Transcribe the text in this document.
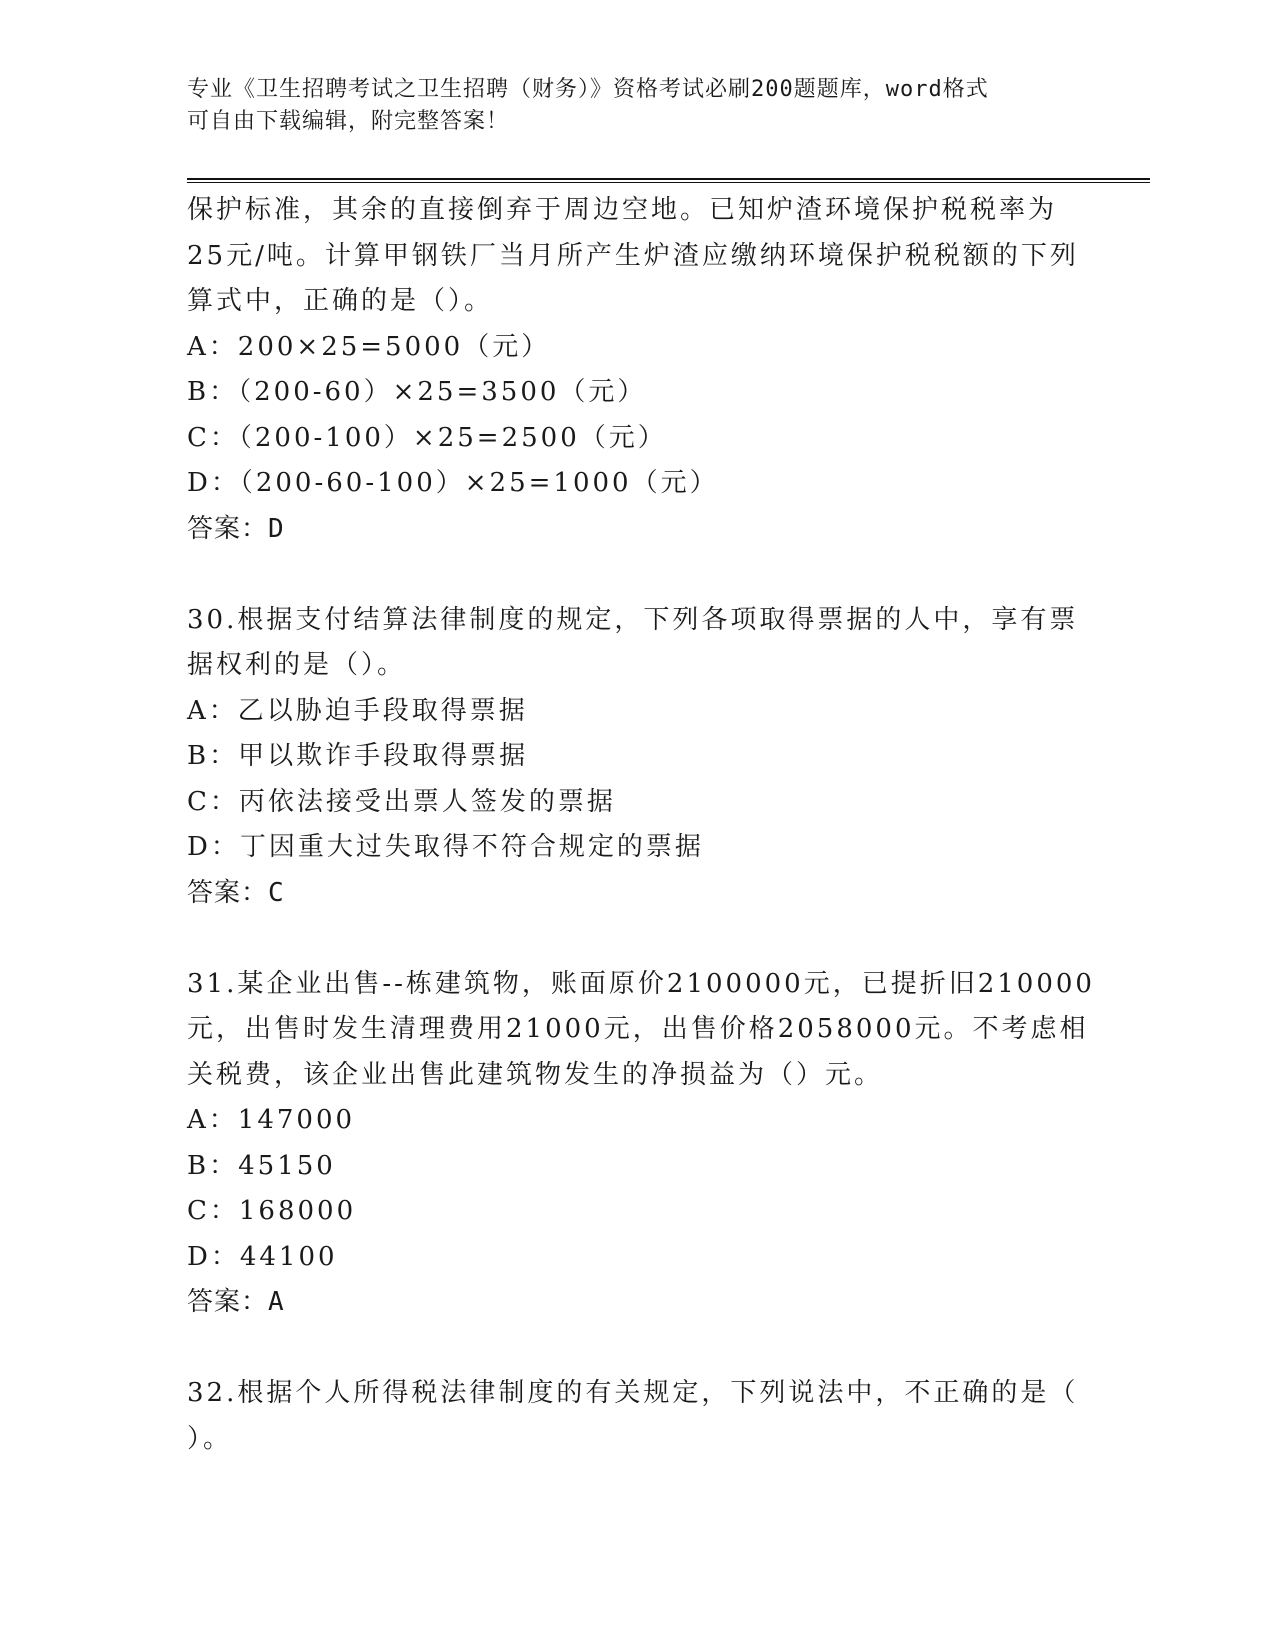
专业《卫生招聘考试之卫生招聘（财务）》资格考试必刷200题题库，word格式
可自由下载编辑，附完整答案！
保护标准，其余的直接倒弃于周边空地。已知炉渣环境保护税税率为
25元/吨。计算甲钢铁厂当月所产生炉渣应缴纳环境保护税税额的下列
算式中，正确的是（）。
A：200×25=5000（元）
B：（200-60）×25=3500（元）
C：（200-100）×25=2500（元）
D：（200-60-100）×25=1000（元）
答案：D
30.根据支付结算法律制度的规定，下列各项取得票据的人中，享有票
据权利的是（）。
A：乙以胁迫手段取得票据
B：甲以欺诈手段取得票据
C：丙依法接受出票人签发的票据
D：丁因重大过失取得不符合规定的票据
答案：C
31.某企业出售--栋建筑物，账面原价2100000元，已提折旧210000
元，出售时发生清理费用21000元，出售价格2058000元。不考虑相
关税费，该企业出售此建筑物发生的净损益为（）元。
A：147000
B：45150
C：168000
D：44100
答案：A
32.根据个人所得税法律制度的有关规定，下列说法中，不正确的是（
）。
